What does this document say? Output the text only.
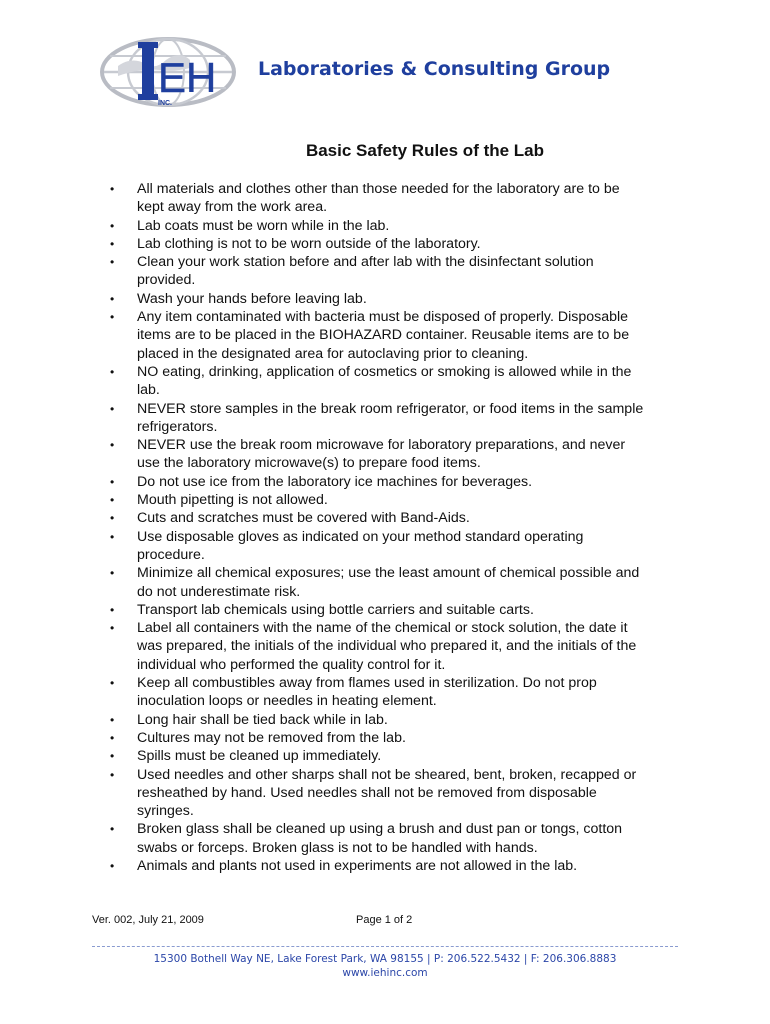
EH
INC.
Laboratories & Consulting Group
Basic Safety Rules of the Lab
• All materials and clothes other than those needed for the laboratory are to be
kept away from the work area.
• Lab coats must be worn while in the lab.
• Lab clothing is not to be worn outside of the laboratory.
• Clean your work station before and after lab with the disinfectant solution
provided.
• Wash your hands before leaving lab.
• Any item contaminated with bacteria must be disposed of properly. Disposable
items are to be placed in the BIOHAZARD container. Reusable items are to be
placed in the designated area for autoclaving prior to cleaning.
• NO eating, drinking, application of cosmetics or smoking is allowed while in the
lab.
• NEVER store samples in the break room refrigerator, or food items in the sample
refrigerators.
• NEVER use the break room microwave for laboratory preparations, and never
use the laboratory microwave(s) to prepare food items.
• Do not use ice from the laboratory ice machines for beverages.
• Mouth pipetting is not allowed.
• Cuts and scratches must be covered with Band-Aids.
• Use disposable gloves as indicated on your method standard operating
procedure.
• Minimize all chemical exposures; use the least amount of chemical possible and
do not underestimate risk.
• Transport lab chemicals using bottle carriers and suitable carts.
• Label all containers with the name of the chemical or stock solution, the date it
was prepared, the initials of the individual who prepared it, and the initials of the
individual who performed the quality control for it.
• Keep all combustibles away from flames used in sterilization. Do not prop
inoculation loops or needles in heating element.
• Long hair shall be tied back while in lab.
• Cultures may not be removed from the lab.
• Spills must be cleaned up immediately.
• Used needles and other sharps shall not be sheared, bent, broken, recapped or
resheathed by hand. Used needles shall not be removed from disposable
syringes.
• Broken glass shall be cleaned up using a brush and dust pan or tongs, cotton
swabs or forceps. Broken glass is not to be handled with hands.
• Animals and plants not used in experiments are not allowed in the lab.
Ver. 002, July 21, 2009	Page 1 of 2
15300 Bothell Way NE, Lake Forest Park, WA 98155 | P: 206.522.5432 | F: 206.306.8883
www.iehinc.com
